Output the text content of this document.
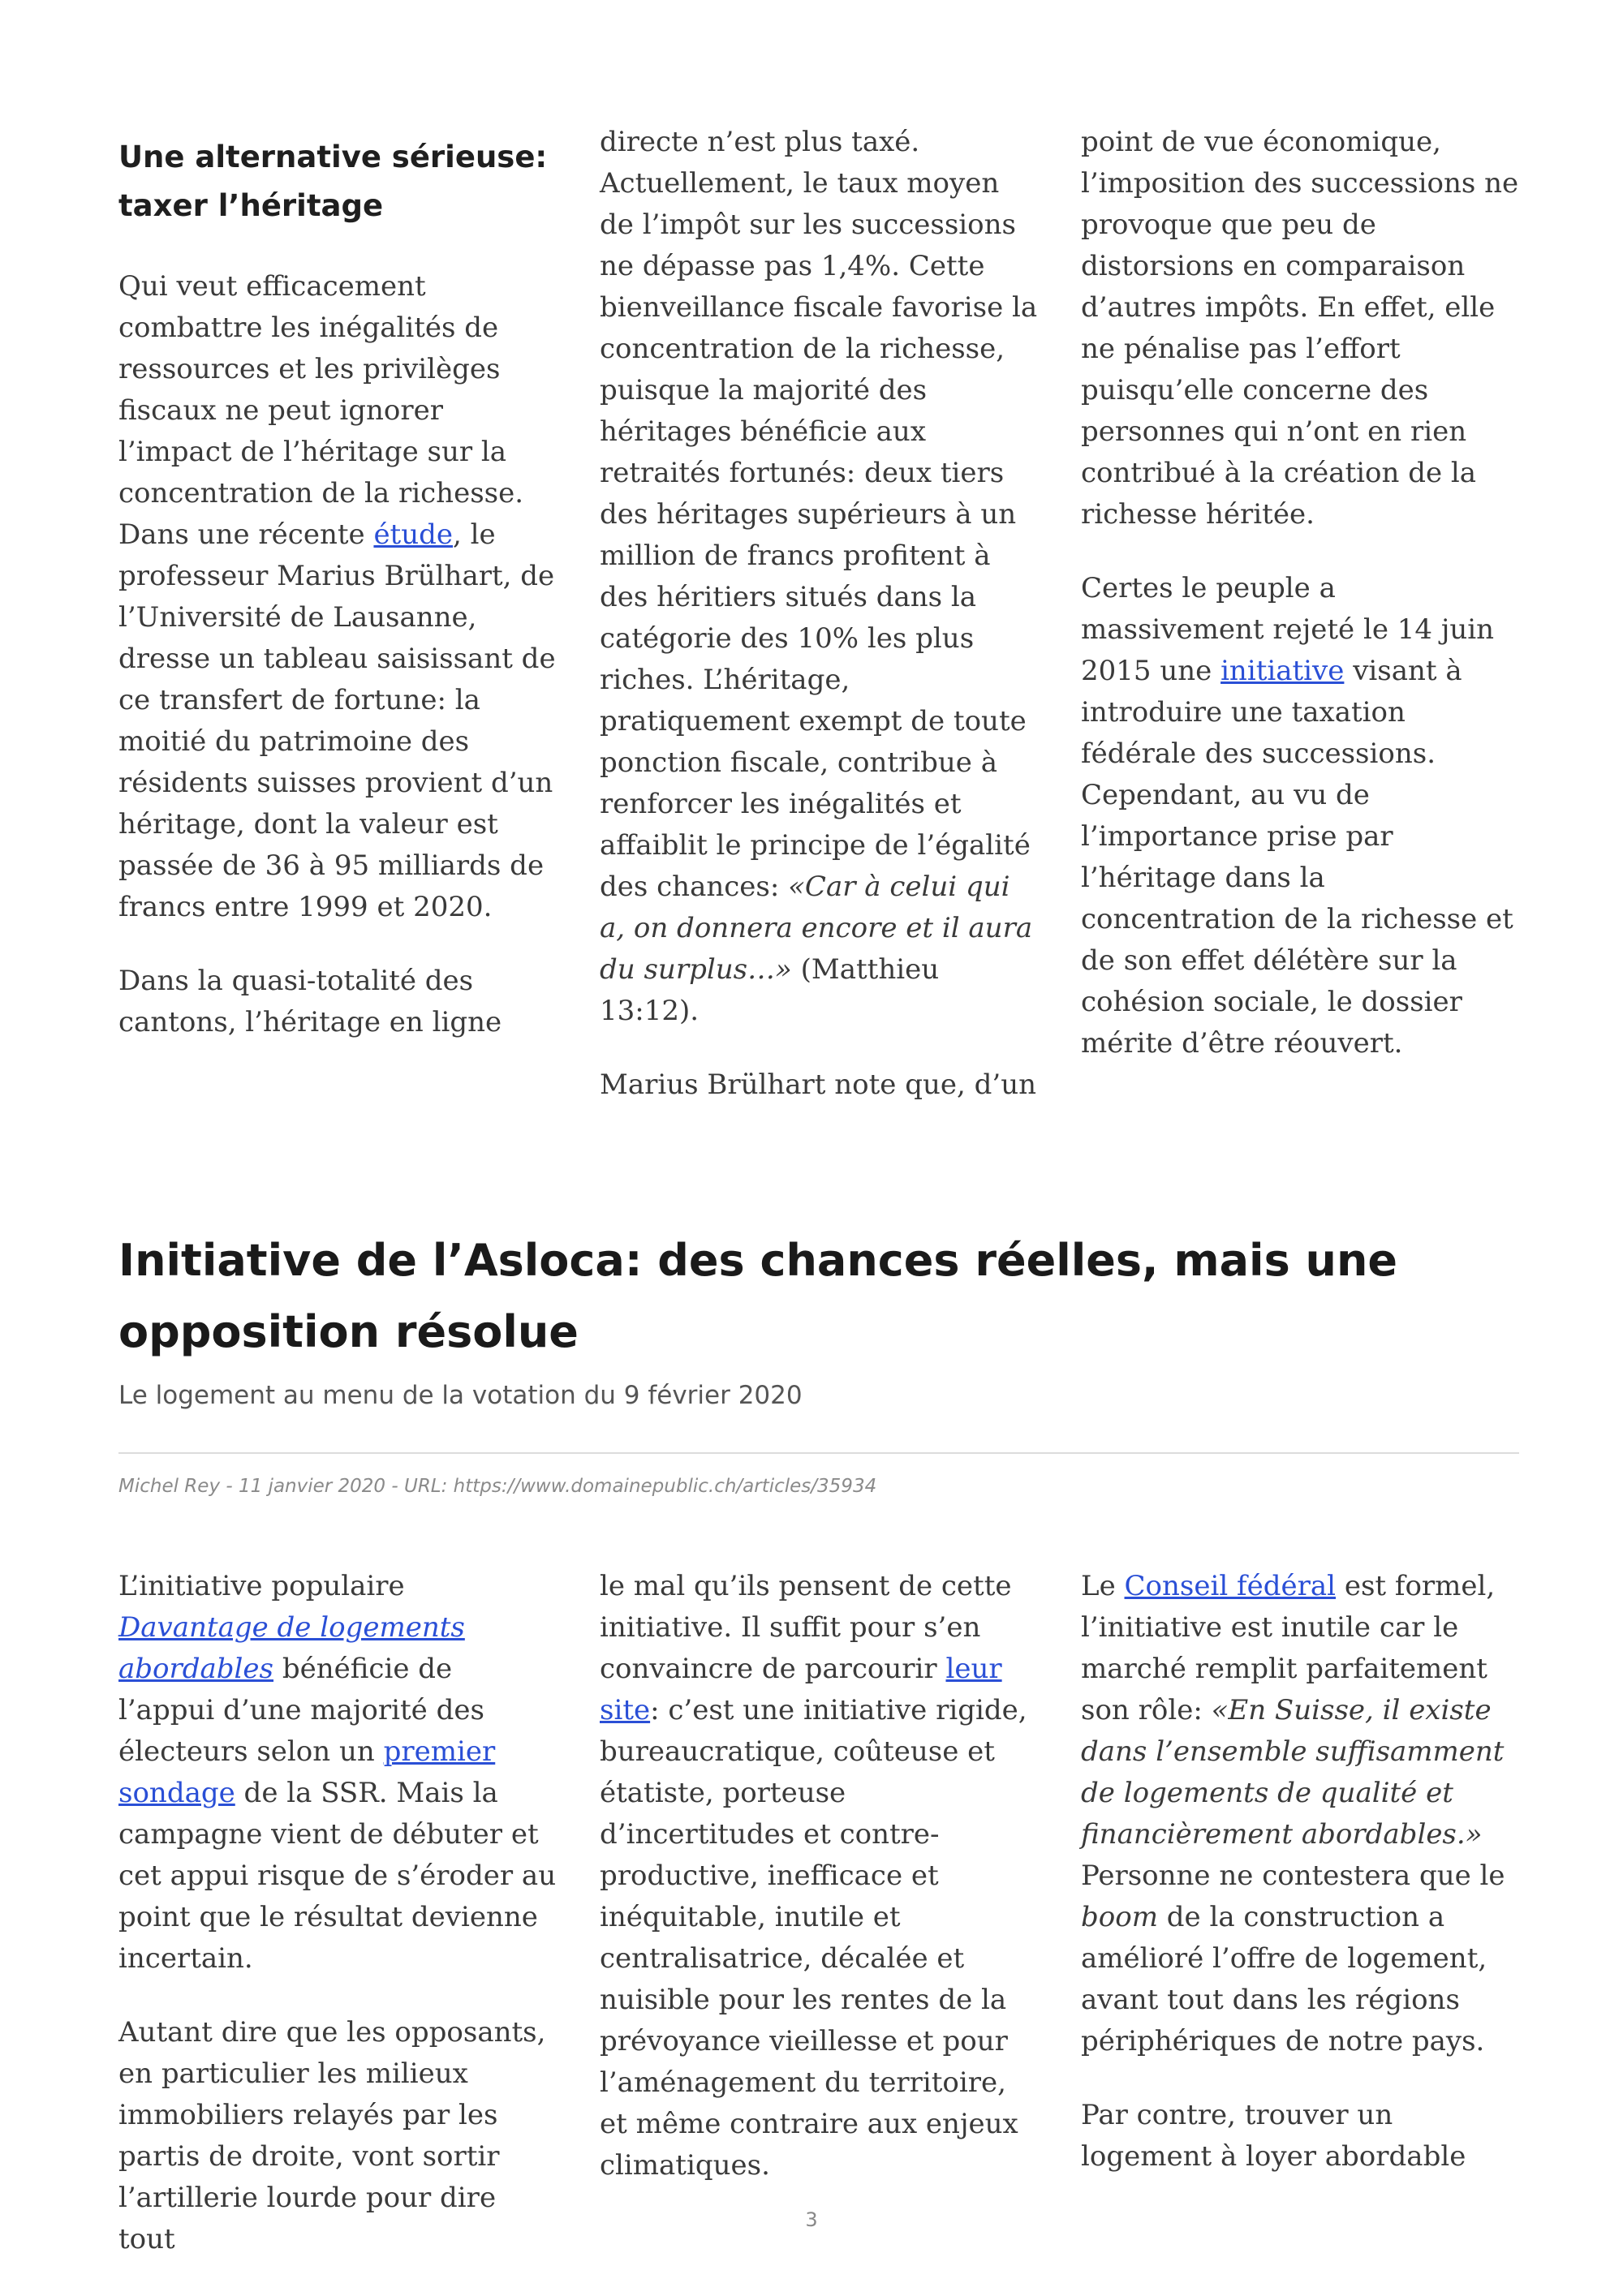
Une alternative sérieuse: taxer l’héritage

Qui veut efficacement combattre les inégalités de ressources et les privilèges fiscaux ne peut ignorer l’impact de l’héritage sur la concentration de la richesse. Dans une récente étude, le professeur Marius Brülhart, de l’Université de Lausanne, dresse un tableau saisissant de ce transfert de fortune: la moitié du patrimoine des résidents suisses provient d’un héritage, dont la valeur est passée de 36 à 95 milliards de francs entre 1999 et 2020.

Dans la quasi-totalité des cantons, l’héritage en ligne

directe n’est plus taxé. Actuellement, le taux moyen de l’impôt sur les successions ne dépasse pas 1,4%. Cette bienveillance fiscale favorise la concentration de la richesse, puisque la majorité des héritages bénéficie aux retraités fortunés: deux tiers des héritages supérieurs à un million de francs profitent à des héritiers situés dans la catégorie des 10% les plus riches. L’héritage, pratiquement exempt de toute ponction fiscale, contribue à renforcer les inégalités et affaiblit le principe de l’égalité des chances: «Car à celui qui a, on donnera encore et il aura du surplus…» (Matthieu 13:12).

Marius Brülhart note que, d’un

point de vue économique, l’imposition des successions ne provoque que peu de distorsions en comparaison d’autres impôts. En effet, elle ne pénalise pas l’effort puisqu’elle concerne des personnes qui n’ont en rien contribué à la création de la richesse héritée.

Certes le peuple a massivement rejeté le 14 juin 2015 une initiative visant à introduire une taxation fédérale des successions. Cependant, au vu de l’importance prise par l’héritage dans la concentration de la richesse et de son effet délétère sur la cohésion sociale, le dossier mérite d’être réouvert.

Initiative de l’Asloca: des chances réelles, mais une opposition résolue
Le logement au menu de la votation du 9 février 2020
Michel Rey - 11 janvier 2020 - URL: https://www.domainepublic.ch/articles/35934

L’initiative populaire Davantage de logements abordables bénéficie de l’appui d’une majorité des électeurs selon un premier sondage de la SSR. Mais la campagne vient de débuter et cet appui risque de s’éroder au point que le résultat devienne incertain.

Autant dire que les opposants, en particulier les milieux immobiliers relayés par les partis de droite, vont sortir l’artillerie lourde pour dire tout

le mal qu’ils pensent de cette initiative. Il suffit pour s’en convaincre de parcourir leur site: c’est une initiative rigide, bureaucratique, coûteuse et étatiste, porteuse d’incertitudes et contre-productive, inefficace et inéquitable, inutile et centralisatrice, décalée et nuisible pour les rentes de la prévoyance vieillesse et pour l’aménagement du territoire, et même contraire aux enjeux climatiques.

Le Conseil fédéral est formel, l’initiative est inutile car le marché remplit parfaitement son rôle: «En Suisse, il existe dans l’ensemble suffisamment de logements de qualité et financièrement abordables.» Personne ne contestera que le boom de la construction a amélioré l’offre de logement, avant tout dans les régions périphériques de notre pays.

Par contre, trouver un logement à loyer abordable

3
